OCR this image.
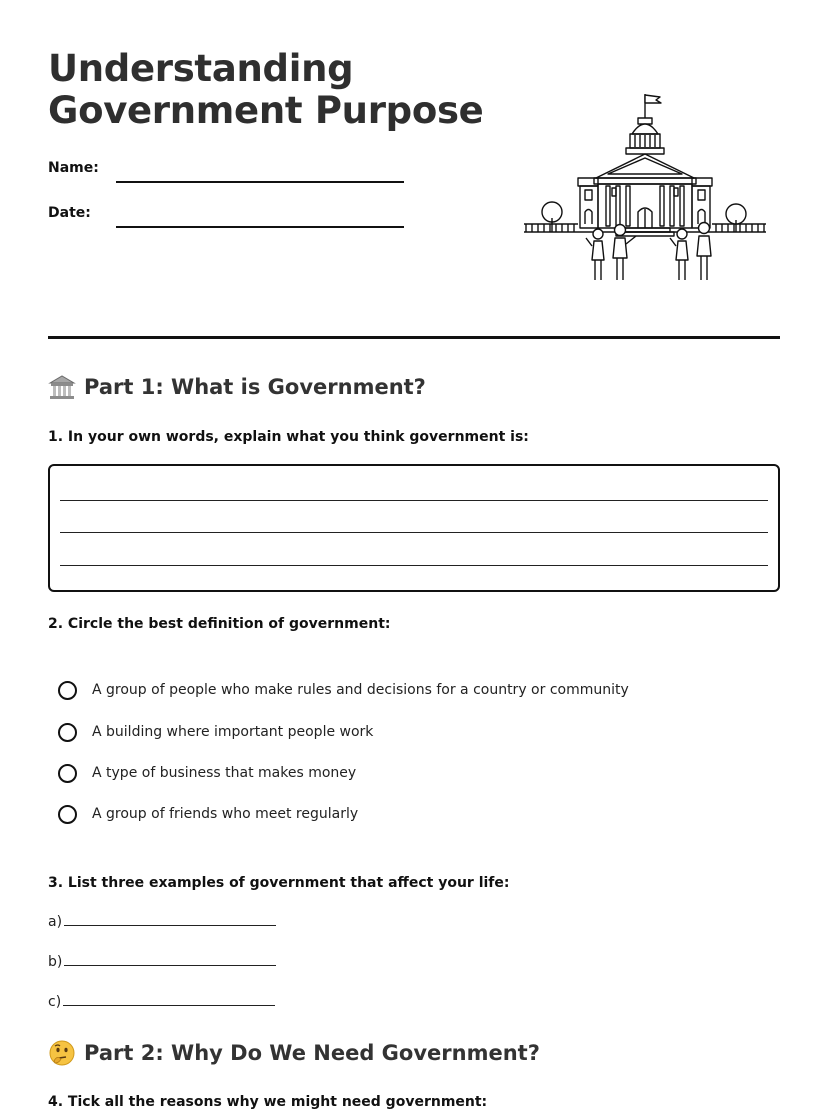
Understanding
Government Purpose
Name:
Date:
Part 1: What is Government?

1. In your own words, explain what you think government is:

2. Circle the best definition of government:

A group of people who make rules and decisions for a country or community
A building where important people work
A type of business that makes money
A group of friends who meet regularly

3. List three examples of government that affect your life:

a)
b)
c)
Part 2: Why Do We Need Government?

4. Tick all the reasons why we might need government:
